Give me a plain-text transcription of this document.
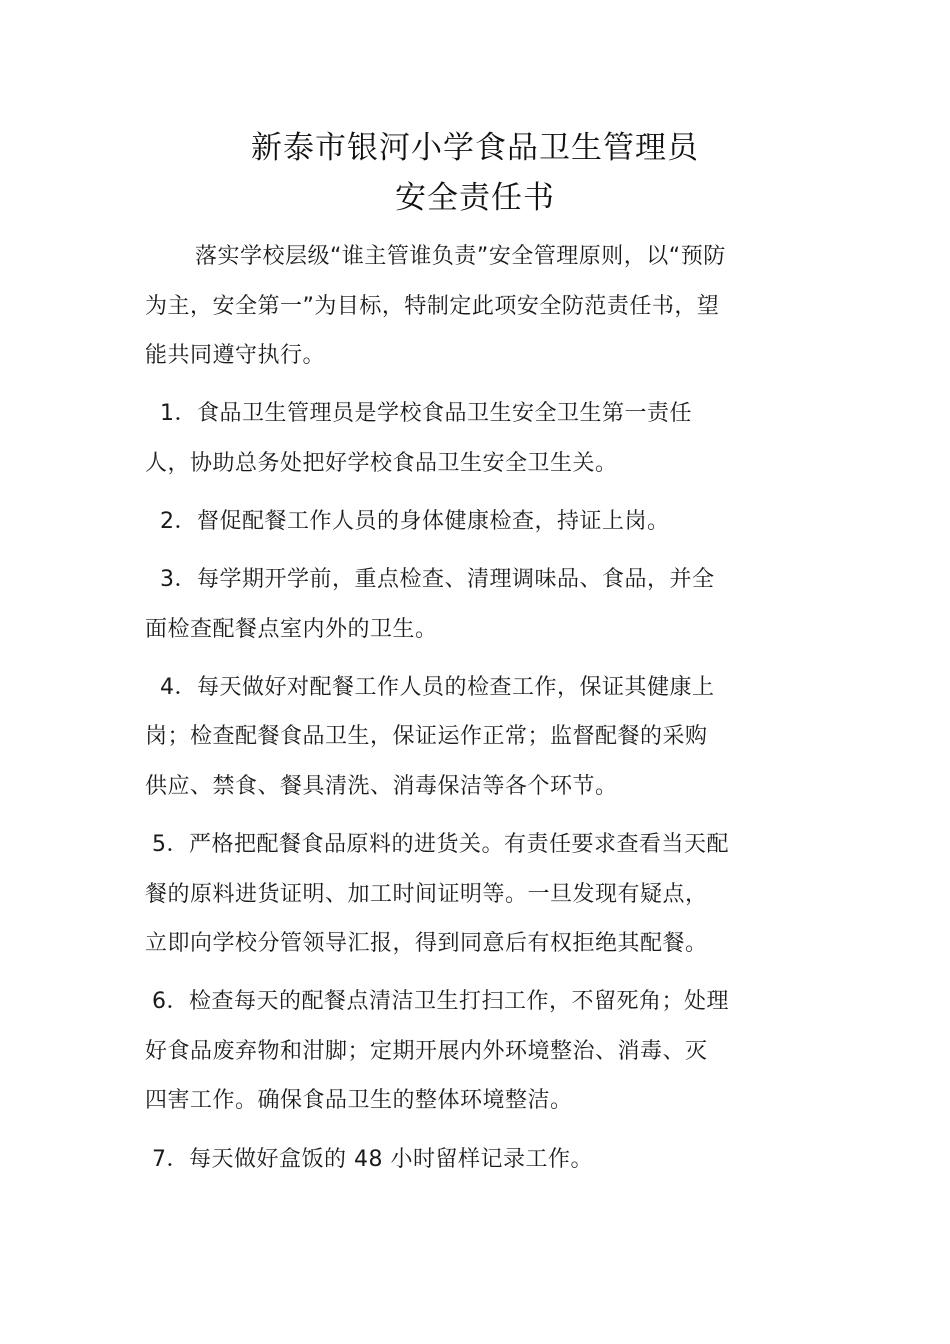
新泰市银河小学食品卫生管理员
安全责任书

落实学校层级“谁主管谁负责”安全管理原则，以“预防

为主，安全第一”为目标，特制定此项安全防范责任书，望

能共同遵守执行。

1．食品卫生管理员是学校食品卫生安全卫生第一责任

人，协助总务处把好学校食品卫生安全卫生关。

2．督促配餐工作人员的身体健康检查，持证上岗。

3．每学期开学前，重点检查、清理调味品、食品，并全

面检查配餐点室内外的卫生。

4．每天做好对配餐工作人员的检查工作，保证其健康上

岗；检查配餐食品卫生，保证运作正常；监督配餐的采购

供应、禁食、餐具清洗、消毒保洁等各个环节。

5．严格把配餐食品原料的进货关。有责任要求查看当天配

餐的原料进货证明、加工时间证明等。一旦发现有疑点，

立即向学校分管领导汇报，得到同意后有权拒绝其配餐。

6．检查每天的配餐点清洁卫生打扫工作，不留死角；处理

好食品废弃物和泔脚；定期开展内外环境整治、消毒、灭

四害工作。确保食品卫生的整体环境整洁。

7．每天做好盒饭的 48 小时留样记录工作。
